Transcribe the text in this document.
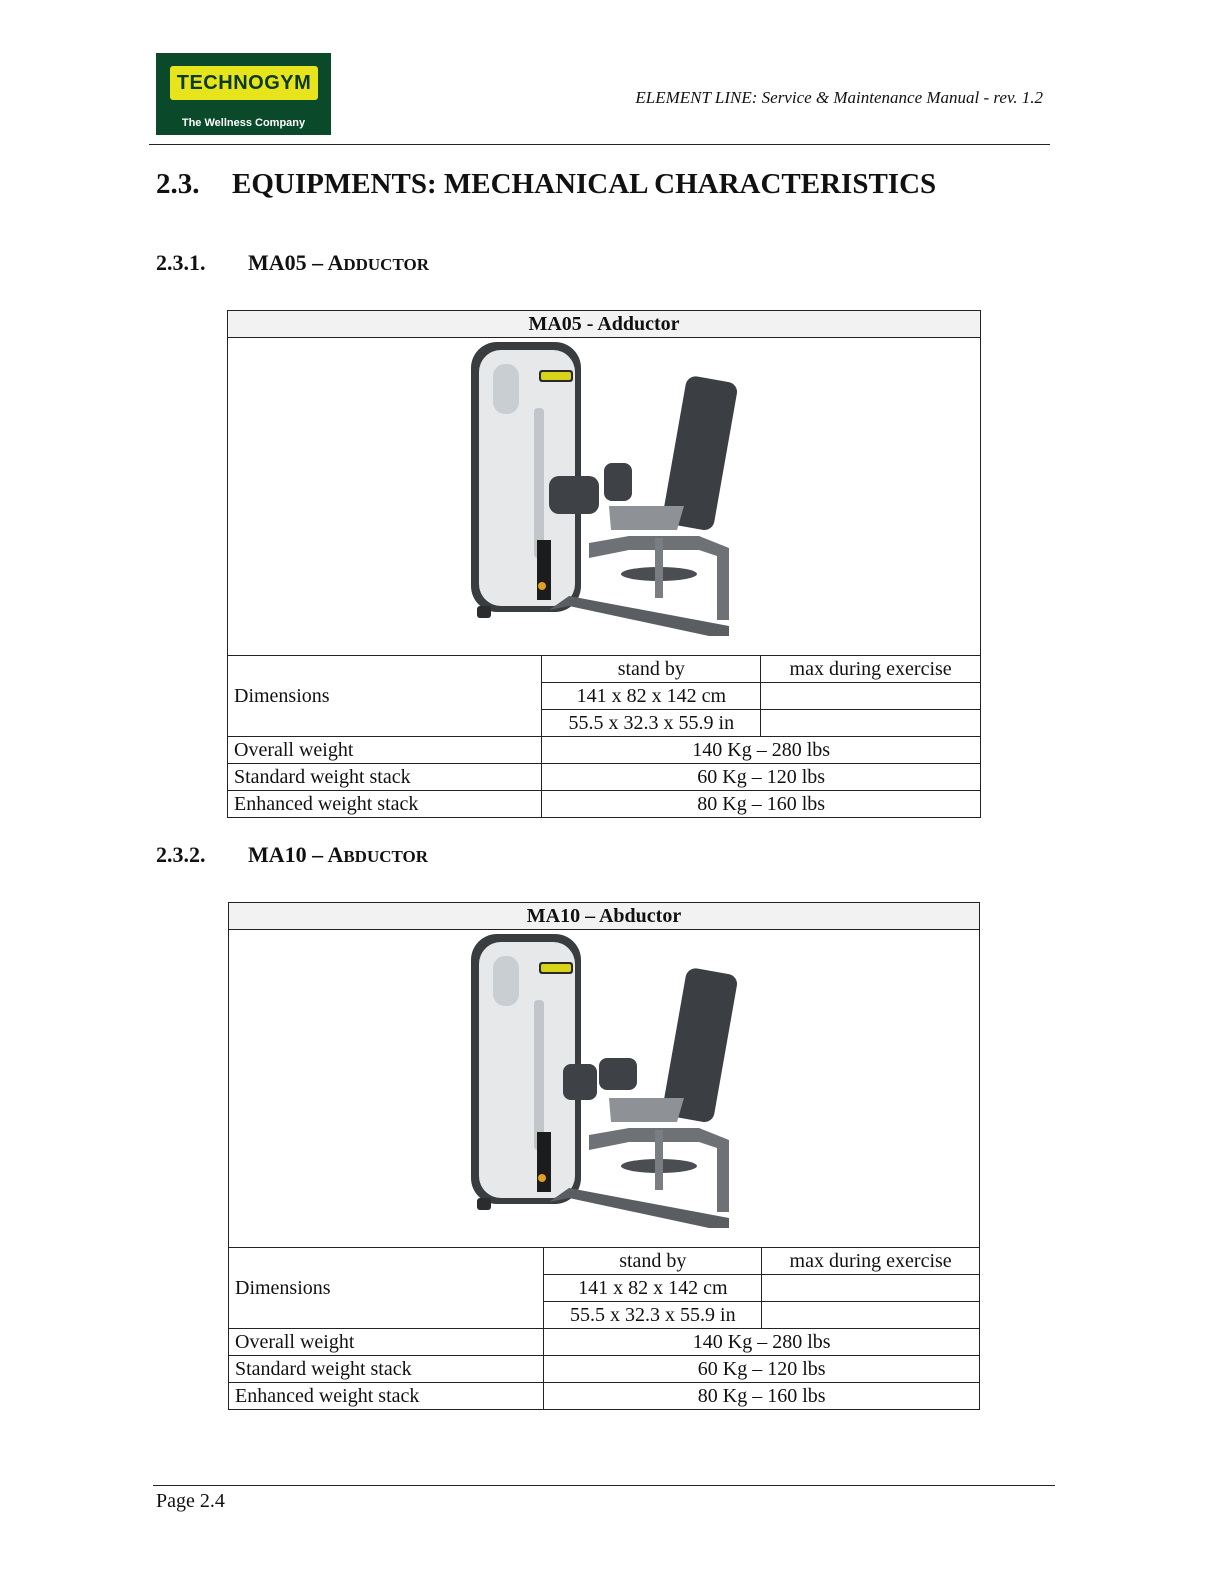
TECHNOGYM
The Wellness Company
ELEMENT LINE: Service & Maintenance Manual - rev. 1.2
2.3. EQUIPMENTS: MECHANICAL CHARACTERISTICS
2.3.1. MA05 – ADDUCTOR
MA05 - Adductor		

Dimensions	stand by	max during exercise
	141 x 82 x 142 cm	
	55.5 x 32.3 x 55.9 in	
Overall weight	140 Kg – 280 lbs	
Standard weight stack	60 Kg – 120 lbs	
Enhanced weight stack	80 Kg – 160 lbs	
2.3.2. MA10 – ABDUCTOR
MA10 – Abductor		

Dimensions	stand by	max during exercise
	141 x 82 x 142 cm	
	55.5 x 32.3 x 55.9 in	
Overall weight	140 Kg – 280 lbs	
Standard weight stack	60 Kg – 120 lbs	
Enhanced weight stack	80 Kg – 160 lbs	
Page 2.4
